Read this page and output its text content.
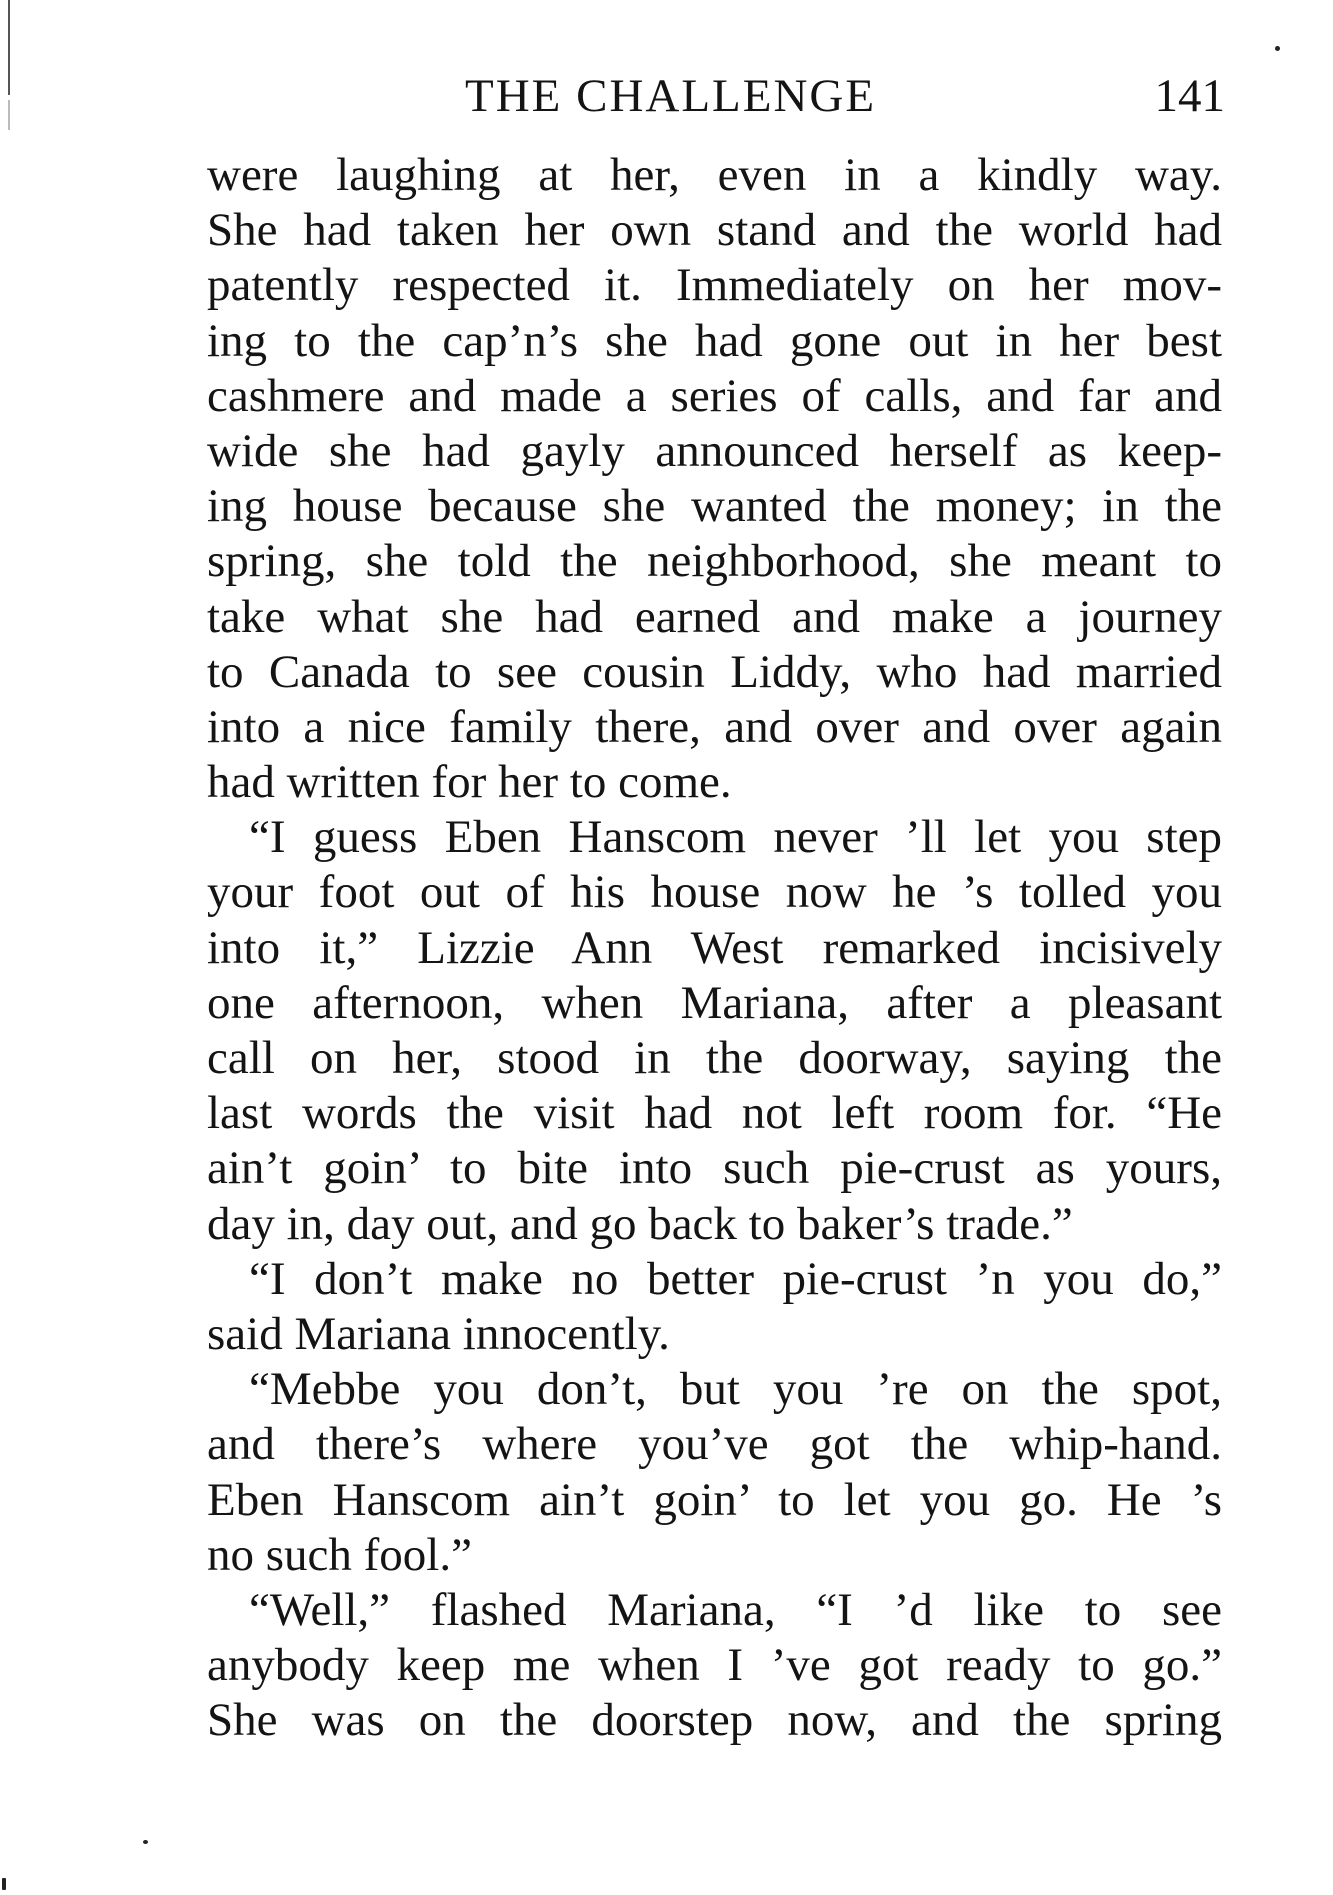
THE CHALLENGE	141
were laughing at her, even in a kindly way.
She had taken her own stand and the world had
patently respected it. Immediately on her mov-
ing to the cap’n’s she had gone out in her best
cashmere and made a series of calls, and far and
wide she had gayly announced herself as keep-
ing house because she wanted the money; in the
spring, she told the neighborhood, she meant to
take what she had earned and make a journey
to Canada to see cousin Liddy, who had married
into a nice family there, and over and over again
had written for her to come.
“I guess Eben Hanscom never ’ll let you step
your foot out of his house now he ’s tolled you
into it,” Lizzie Ann West remarked incisively
one afternoon, when Mariana, after a pleasant
call on her, stood in the doorway, saying the
last words the visit had not left room for. “He
ain’t goin’ to bite into such pie-crust as yours,
day in, day out, and go back to baker’s trade.”
“I don’t make no better pie-crust ’n you do,”
said Mariana innocently.
“Mebbe you don’t, but you ’re on the spot,
and there’s where you’ve got the whip-hand.
Eben Hanscom ain’t goin’ to let you go. He ’s
no such fool.”
“Well,” flashed Mariana, “I ’d like to see
anybody keep me when I ’ve got ready to go.”
She was on the doorstep now, and the spring
